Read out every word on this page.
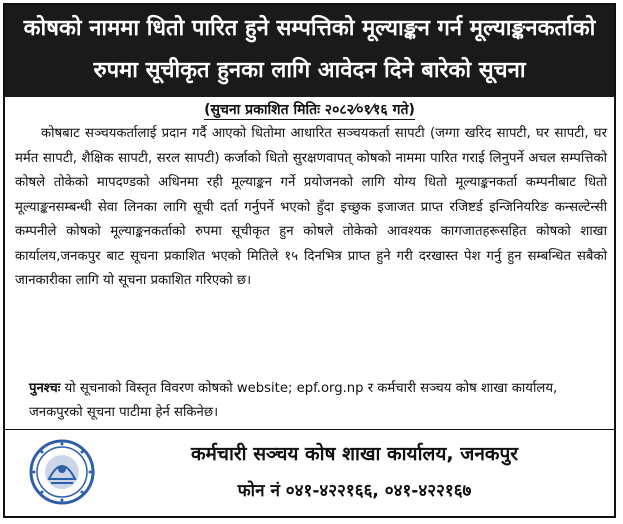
कोषको नाममा धितो पारित हुने सम्पत्तिको मूल्याङ्कन गर्न मूल्याङ्कनकर्ताको
रुपमा सूचीकृत हुनका लागि आवेदन दिने बारेको सूचना
(सुचना प्रकाशित मितिः २०८२⁄०१⁄१६ गते)
कोषबाट सञ्चयकर्तालाई प्रदान गर्दै आएको धितोमा आधारित सञ्चयकर्ता सापटी (जग्गा खरिद सापटी, घर सापटी, घर मर्मत सापटी, शैक्षिक सापटी, सरल सापटी) कर्जाको धितो सुरक्षणवापत् कोषको नाममा पारित गराई लिनुपर्ने अचल सम्पत्तिको कोषले तोकेको मापदण्डको अधिनमा रही मूल्याङ्कन गर्ने प्रयोजनको लागि योग्य धितो मूल्याङ्कनकर्ता कम्पनीबाट धितो मूल्याङ्कनसम्बन्धी सेवा लिनका लागि सूची दर्ता गर्नुपर्ने भएको हुँदा इच्छुक इजाजत प्राप्त रजिष्टर्ड इन्जिनियरिङ कन्सल्टेन्सी कम्पनीले कोषको मूल्याङ्कनकर्ताको रुपमा सूचीकृत हुन कोषले तोकेको आवश्यक कागजातहरूसहित कोषको शाखा कार्यालय,जनकपुर बाट सूचना प्रकाशित भएको मितिले १५ दिनभित्र प्राप्त हुने गरी दरखास्त पेश गर्नु हुन सम्बन्धित सबैको जानकारीका लागि यो सूचना प्रकाशित गरिएको छ।
पुनश्चः यो सूचनाको विस्तृत विवरण कोषको website; epf.org.np र कर्मचारी सञ्चय कोष शाखा कार्यालय, जनकपुरको सूचना पाटीमा हेर्न सकिनेछ।
कर्मचारी सञ्चय कोष शाखा कार्यालय, जनकपुर
फोन नं ०४१-४२२१६६, ०४१-४२२१६७
